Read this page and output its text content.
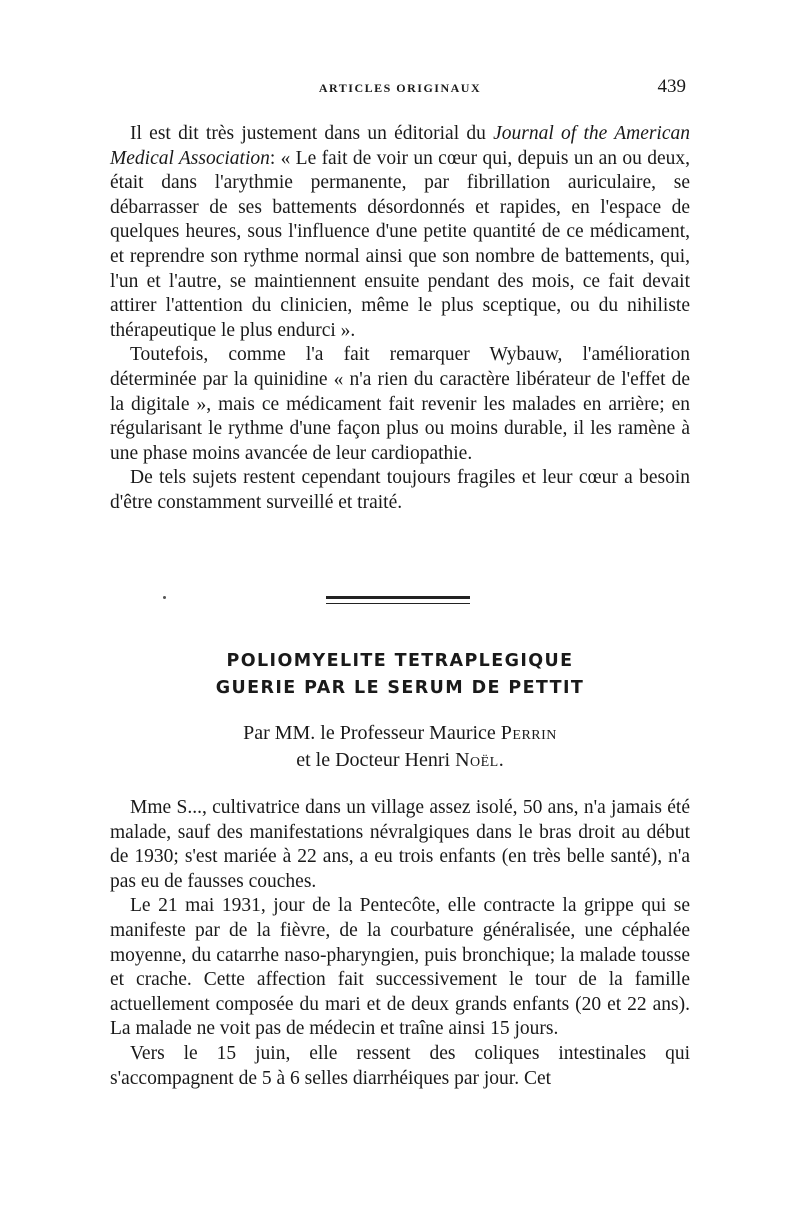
ARTICLES ORIGINAUX	439

Il est dit très justement dans un éditorial du Journal of the American Medical Association: « Le fait de voir un cœur qui, depuis un an ou deux, était dans l'arythmie permanente, par fibrillation auriculaire, se débarrasser de ses battements désordonnés et rapides, en l'espace de quelques heures, sous l'influence d'une petite quantité de ce médicament, et reprendre son rythme normal ainsi que son nombre de battements, qui, l'un et l'autre, se maintiennent ensuite pendant des mois, ce fait devait attirer l'attention du clinicien, même le plus sceptique, ou du nihiliste thérapeutique le plus endurci ».

Toutefois, comme l'a fait remarquer Wybauw, l'amélioration déterminée par la quinidine « n'a rien du caractère libérateur de l'effet de la digitale », mais ce médicament fait revenir les malades en arrière; en régularisant le rythme d'une façon plus ou moins durable, il les ramène à une phase moins avancée de leur cardiopathie.

De tels sujets restent cependant toujours fragiles et leur cœur a besoin d'être constamment surveillé et traité.

POLIOMYELITE TETRAPLEGIQUE
GUERIE PAR LE SERUM DE PETTIT
Par MM. le Professeur Maurice Perrin
et le Docteur Henri Noël.

Mme S..., cultivatrice dans un village assez isolé, 50 ans, n'a jamais été malade, sauf des manifestations névralgiques dans le bras droit au début de 1930; s'est mariée à 22 ans, a eu trois enfants (en très belle santé), n'a pas eu de fausses couches.

Le 21 mai 1931, jour de la Pentecôte, elle contracte la grippe qui se manifeste par de la fièvre, de la courbature généralisée, une céphalée moyenne, du catarrhe naso-pharyngien, puis bronchique; la malade tousse et crache. Cette affection fait successivement le tour de la famille actuellement composée du mari et de deux grands enfants (20 et 22 ans). La malade ne voit pas de médecin et traîne ainsi 15 jours.

Vers le 15 juin, elle ressent des coliques intestinales qui s'accompagnent de 5 à 6 selles diarrhéiques par jour. Cet
